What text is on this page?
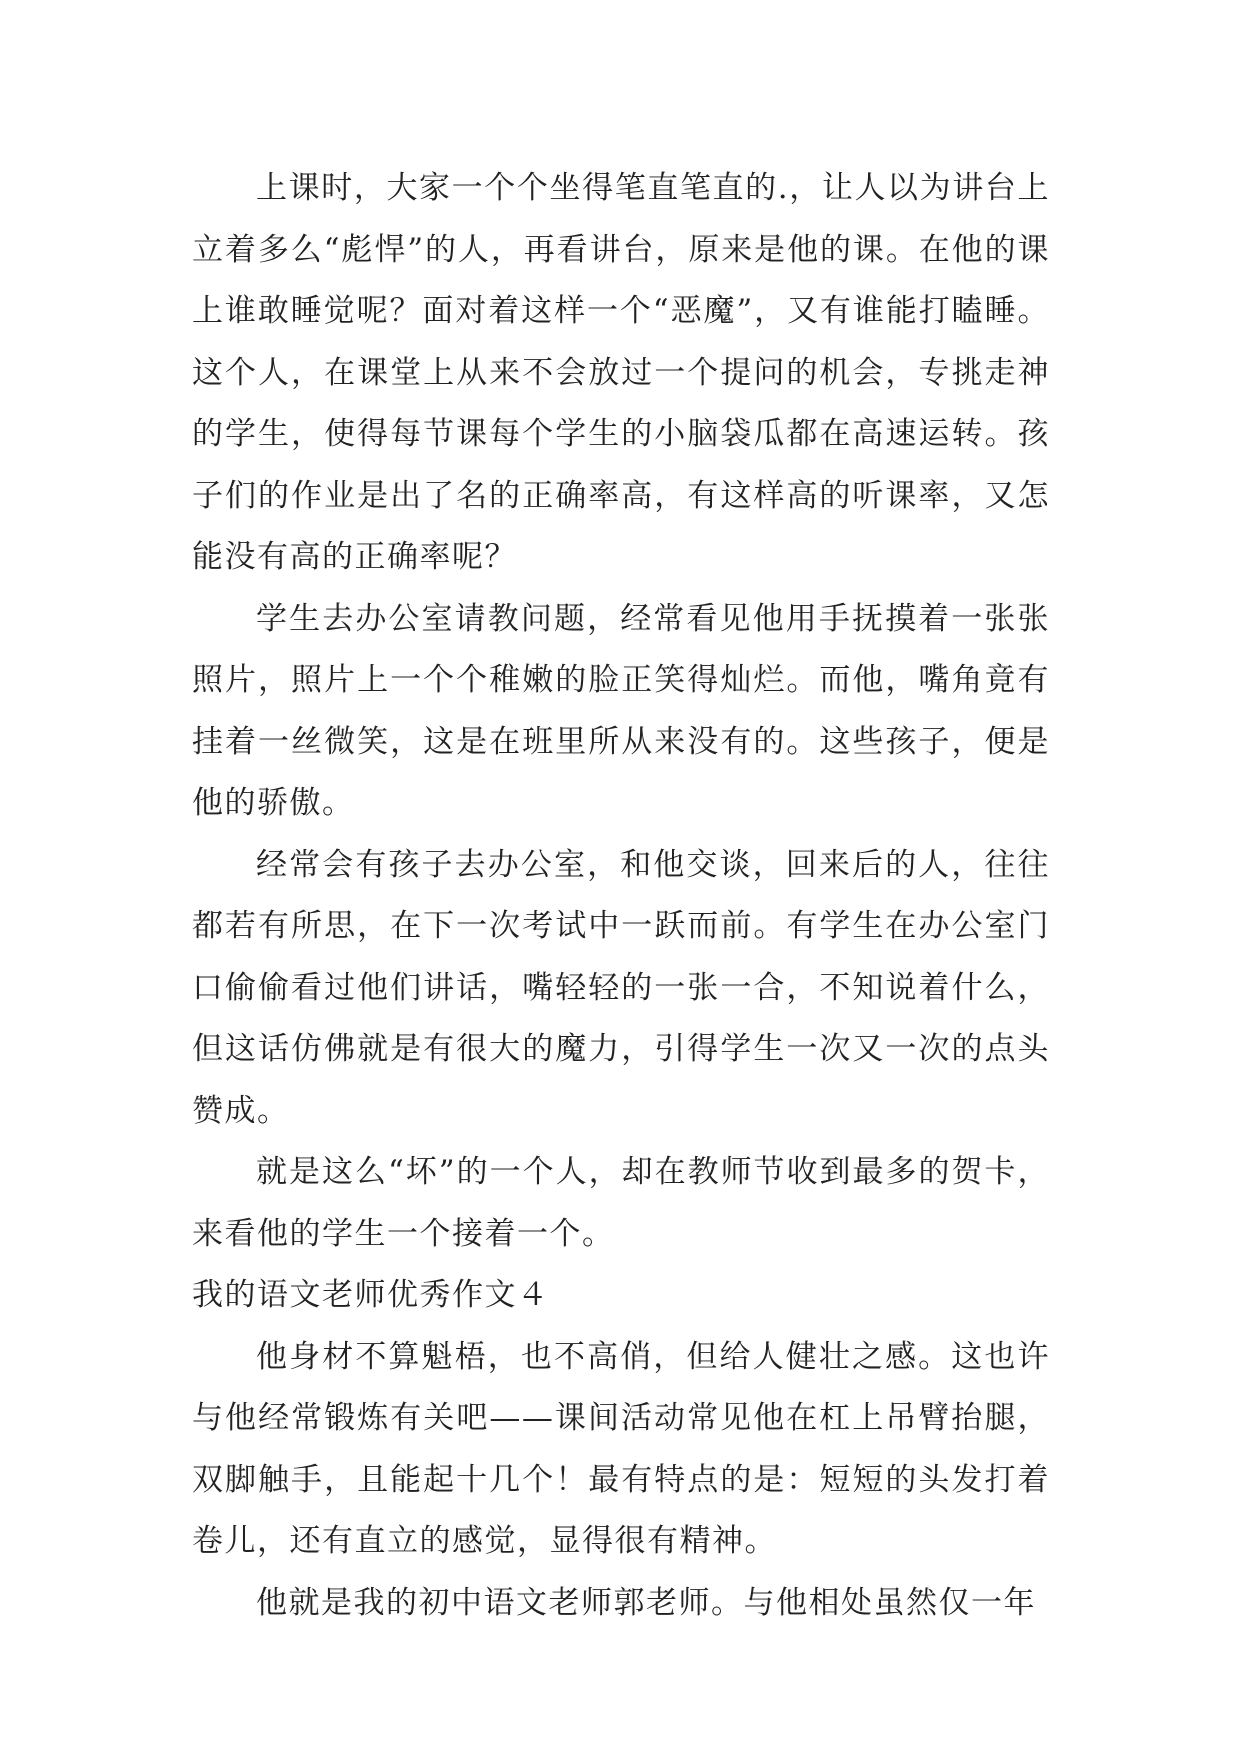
上课时，大家一个个坐得笔直笔直的.，让人以为讲台上立着多么“彪悍”的人，再看讲台，原来是他的课。在他的课上谁敢睡觉呢？面对着这样一个“恶魔”，又有谁能打瞌睡。这个人，在课堂上从来不会放过一个提问的机会，专挑走神的学生，使得每节课每个学生的小脑袋瓜都在高速运转。孩子们的作业是出了名的正确率高，有这样高的听课率，又怎能没有高的正确率呢？

学生去办公室请教问题，经常看见他用手抚摸着一张张照片，照片上一个个稚嫩的脸正笑得灿烂。而他，嘴角竟有挂着一丝微笑，这是在班里所从来没有的。这些孩子，便是他的骄傲。

经常会有孩子去办公室，和他交谈，回来后的人，往往都若有所思，在下一次考试中一跃而前。有学生在办公室门口偷偷看过他们讲话，嘴轻轻的一张一合，不知说着什么，但这话仿佛就是有很大的魔力，引得学生一次又一次的点头赞成。

就是这么“坏”的一个人，却在教师节收到最多的贺卡，来看他的学生一个接着一个。

我的语文老师优秀作文４

他身材不算魁梧，也不高俏，但给人健壮之感。这也许与他经常锻炼有关吧——课间活动常见他在杠上吊臂抬腿，双脚触手，且能起十几个！最有特点的是：短短的头发打着卷儿，还有直立的感觉，显得很有精神。

他就是我的初中语文老师郭老师。与他相处虽然仅一年
